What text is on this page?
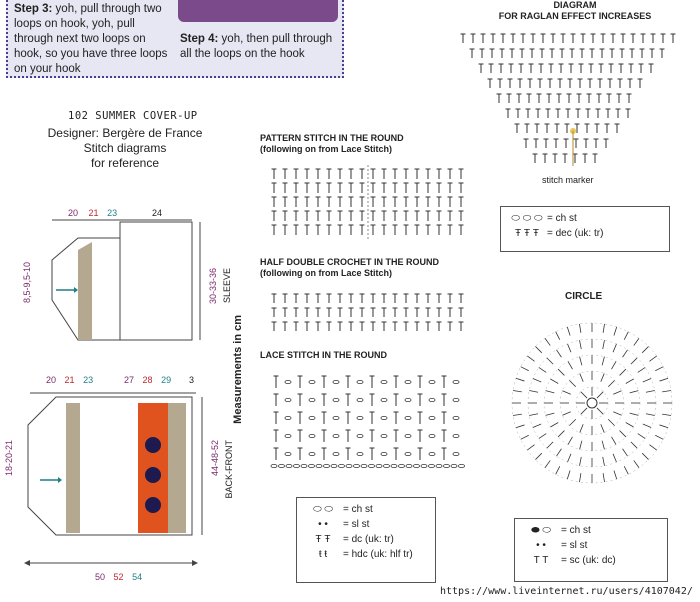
Step 3: yoh, pull through two loops on hook, yoh, pull through next two loops on hook, so you have three loops on your hook
Step 4: yoh, then pull through all the loops on the hook
102 SUMMER COVER-UP
Designer: Bergère de France
Stitch diagrams
for reference
20 21 23	24
8,5-9,5-10	30-33-36 SLEEVE
20 21 23	27 28 29 3
18-20-21	44-48-52 BACK-FRONT
50 52 54
Measurements in cm
PATTERN STITCH IN THE ROUND
(following on from Lace Stitch)
HALF DOUBLE CROCHET IN THE ROUND
(following on from Lace Stitch)
LACE STITCH IN THE ROUND
DIAGRAM
FOR RAGLAN EFFECT INCREASES
stitch marker
⬭ ⬭ ⬭ = ch st
Ŧ Ŧ Ŧ = dec (uk: tr)
CIRCLE
⬭ ⬭	= ch st
• •	= sl st
Ŧ Ŧ	= dc (uk: tr)
ŧ ŧ	= hdc (uk: hlf tr)
⬬ ⬭	= ch st
• •	= sl st
T T	= sc (uk: dc)
https://www.liveinternet.ru/users/4107042/
